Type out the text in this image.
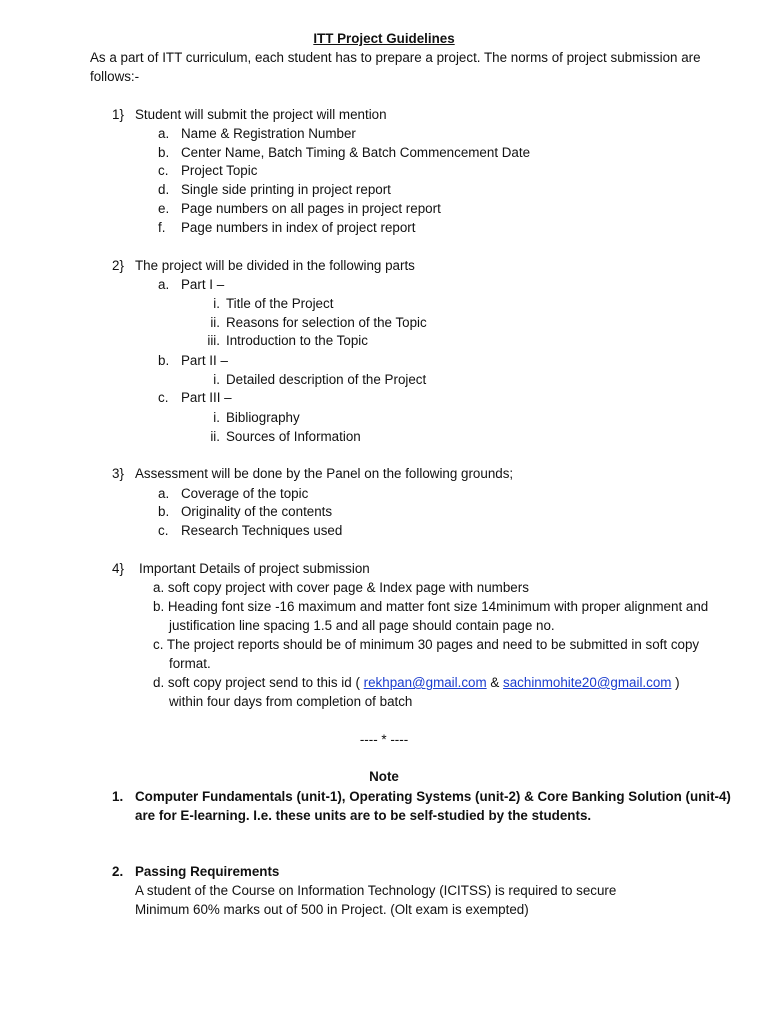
ITT Project Guidelines
As a part of ITT curriculum, each student has to prepare a project. The norms of project submission are
follows:-
1} Student will submit the project will mention
a. Name & Registration Number
b. Center Name, Batch Timing & Batch Commencement Date
c. Project Topic
d. Single side printing in project report
e. Page numbers on all pages in project report
f. Page numbers in index of project report
2} The project will be divided in the following parts
a. Part I –
i. Title of the Project
ii. Reasons for selection of the Topic
iii. Introduction to the Topic
b. Part II –
i. Detailed description of the Project
c. Part III –
i. Bibliography
ii. Sources of Information
3} Assessment will be done by the Panel on the following grounds;
a. Coverage of the topic
b. Originality of the contents
c. Research Techniques used
4} Important Details of project submission
a. soft copy project with cover page & Index page with numbers
b. Heading font size -16 maximum and matter font size 14minimum with proper alignment and
justification line spacing 1.5 and all page should contain page no.
c. The project reports should be of minimum 30 pages and need to be submitted in soft copy
format.
d. soft copy project send to this id ( rekhpan@gmail.com & sachinmohite20@gmail.com )
within four days from completion of batch
---- * ----
Note
1. Computer Fundamentals (unit-1), Operating Systems (unit-2) & Core Banking Solution (unit-4)
are for E-learning. I.e. these units are to be self-studied by the students.
2. Passing Requirements
A student of the Course on Information Technology (ICITSS) is required to secure
Minimum 60% marks out of 500 in Project. (Olt exam is exempted)
